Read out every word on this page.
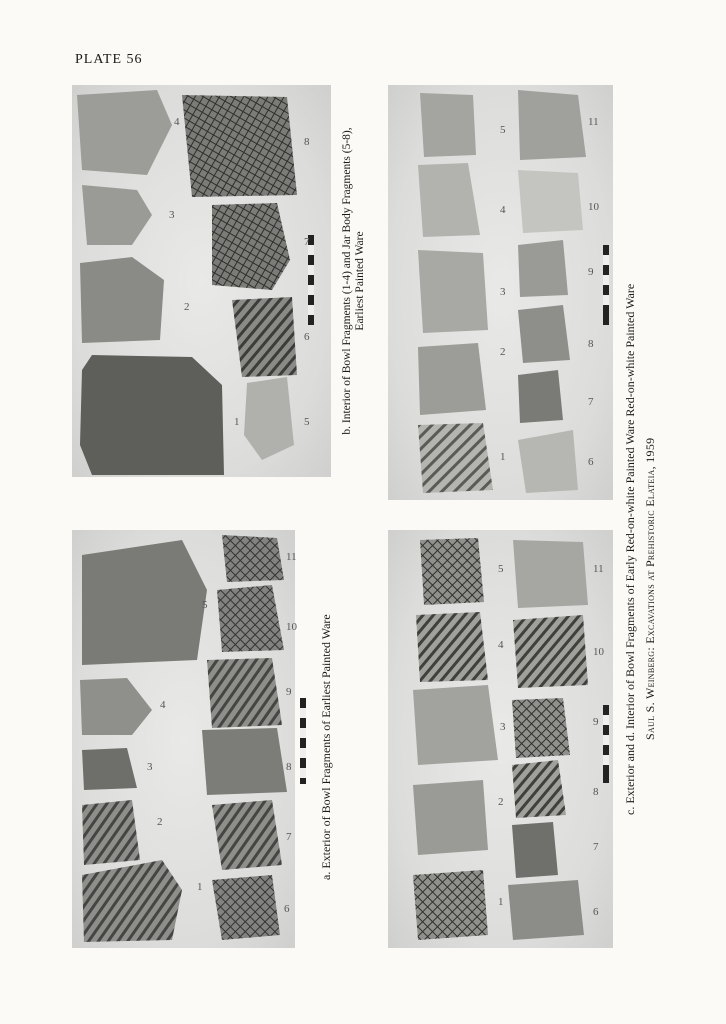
PLATE 56
1
2
3
4
5
6
7
8
1
2
3
4
5
6
7
8
9
10
11
1
2
3
4
5
6
7
8
9
10
11
1
2
3
4
5
6
7
8
9
10
11
a. Exterior of Bowl Fragments of Earliest Painted Ware
b. Interior of Bowl Fragments (1-4) and Jar Body Fragments (5-8), Earliest Painted Ware
c. Exterior and d. Interior of Bowl Fragments of Early Red-on-white Painted Ware Red-on-white Painted Ware Saul S. Weinberg: Excavations at Prehistoric Elateia, 1959
